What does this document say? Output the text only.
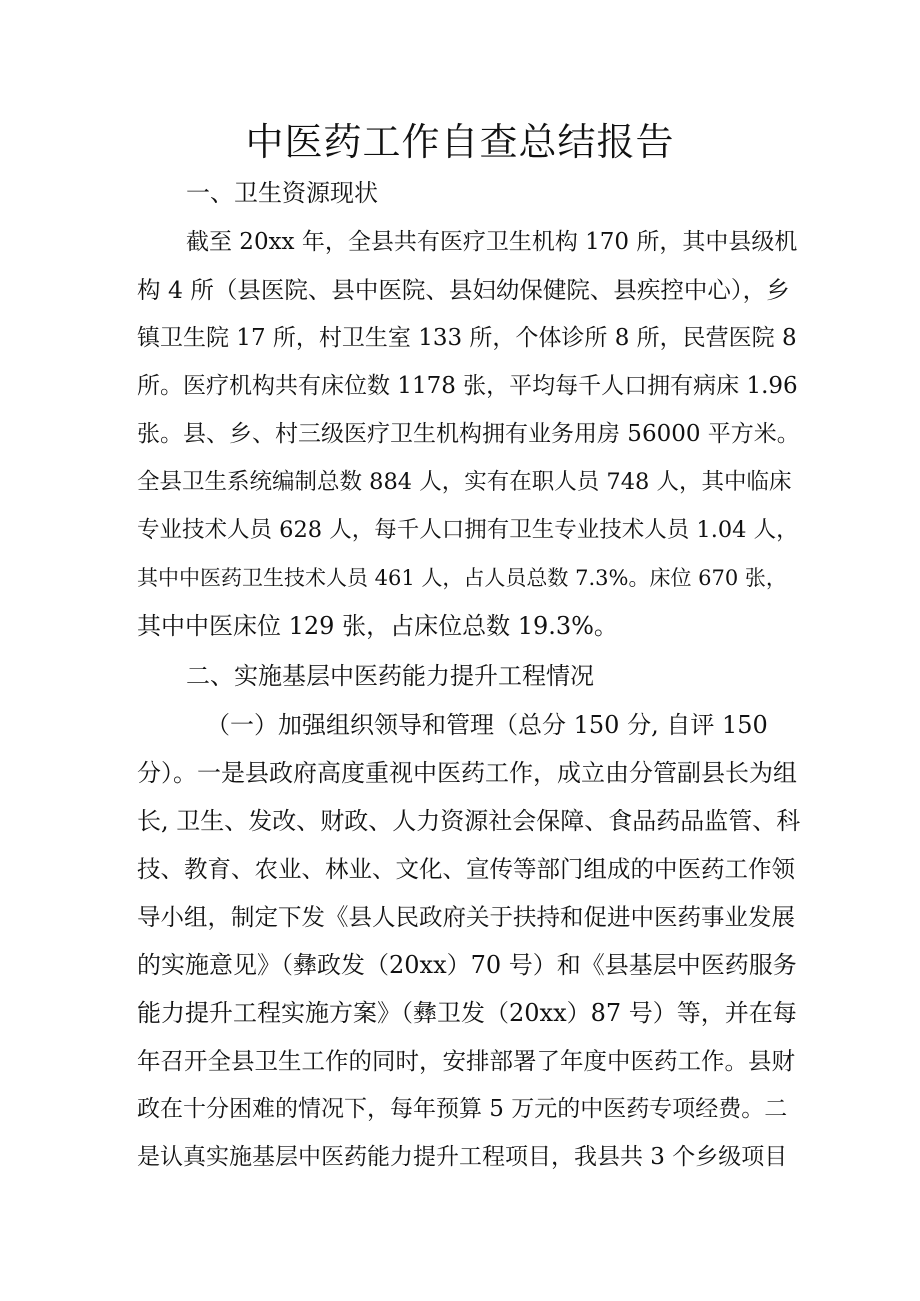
中医药工作自查总结报告

一、卫生资源现状

截至 20xx 年，全县共有医疗卫生机构 170 所，其中县级机

构 4 所（县医院、县中医院、县妇幼保健院、县疾控中心），乡

镇卫生院 17 所，村卫生室 133 所，个体诊所 8 所，民营医院 8

所。医疗机构共有床位数 1178 张，平均每千人口拥有病床 1.96

张。县、乡、村三级医疗卫生机构拥有业务用房 56000 平方米。

全县卫生系统编制总数 884 人，实有在职人员 748 人，其中临床

专业技术人员 628 人，每千人口拥有卫生专业技术人员 1.04 人，

其中中医药卫生技术人员 461 人，占人员总数 7.3%。床位 670 张，

其中中医床位 129 张，占床位总数 19.3%。

二、实施基层中医药能力提升工程情况

（一）加强组织领导和管理（总分 150 分, 自评 150

分）。一是县政府高度重视中医药工作，成立由分管副县长为组

长, 卫生、发改、财政、人力资源社会保障、食品药品监管、科

技、教育、农业、林业、文化、宣传等部门组成的中医药工作领

导小组，制定下发《县人民政府关于扶持和促进中医药事业发展

的实施意见》（彝政发（20xx）70 号）和《县基层中医药服务

能力提升工程实施方案》（彝卫发（20xx）87 号）等，并在每

年召开全县卫生工作的同时，安排部署了年度中医药工作。县财

政在十分困难的情况下，每年预算 5 万元的中医药专项经费。二

是认真实施基层中医药能力提升工程项目，我县共 3 个乡级项目
